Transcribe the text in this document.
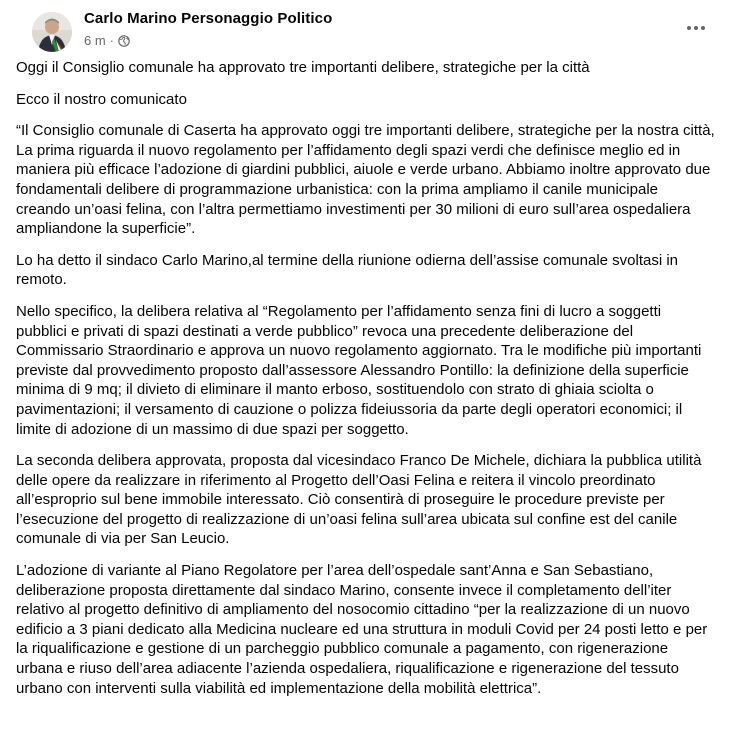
Carlo Marino Personaggio Politico
6 m ·

Oggi il Consiglio comunale ha approvato tre importanti delibere, strategiche per la città

Ecco il nostro comunicato

“Il Consiglio comunale di Caserta ha approvato oggi tre importanti delibere, strategiche per la nostra città, La prima riguarda il nuovo regolamento per l’affidamento degli spazi verdi che definisce meglio ed in maniera più efficace l’adozione di giardini pubblici, aiuole e verde urbano. Abbiamo inoltre approvato due fondamentali delibere di programmazione urbanistica: con la prima ampliamo il canile municipale creando un’oasi felina, con l’altra permettiamo investimenti per 30 milioni di euro sull’area ospedaliera ampliandone la superficie”.

Lo ha detto il sindaco Carlo Marino,al termine della riunione odierna dell’assise comunale svoltasi in remoto.

Nello specifico, la delibera relativa al “Regolamento per l’affidamento senza fini di lucro a soggetti pubblici e privati di spazi destinati a verde pubblico” revoca una precedente deliberazione del Commissario Straordinario e approva un nuovo regolamento aggiornato. Tra le modifiche più importanti previste dal provvedimento proposto dall’assessore Alessandro Pontillo: la definizione della superficie minima di 9 mq; il divieto di eliminare il manto erboso, sostituendolo con strato di ghiaia sciolta o pavimentazioni; il versamento di cauzione o polizza fideiussoria da parte degli operatori economici; il limite di adozione di un massimo di due spazi per soggetto.

La seconda delibera approvata, proposta dal vicesindaco Franco De Michele, dichiara la pubblica utilità delle opere da realizzare in riferimento al Progetto dell’Oasi Felina e reitera il vincolo preordinato all’esproprio sul bene immobile interessato. Ciò consentirà di proseguire le procedure previste per l’esecuzione del progetto di realizzazione di un’oasi felina sull’area ubicata sul confine est del canile comunale di via per San Leucio.

L’adozione di variante al Piano Regolatore per l’area dell’ospedale sant’Anna e San Sebastiano, deliberazione proposta direttamente dal sindaco Marino, consente invece il completamento dell’iter relativo al progetto definitivo di ampliamento del nosocomio cittadino “per la realizzazione di un nuovo edificio a 3 piani dedicato alla Medicina nucleare ed una struttura in moduli Covid per 24 posti letto e per la riqualificazione e gestione di un parcheggio pubblico comunale a pagamento, con rigenerazione urbana e riuso dell’area adiacente l’azienda ospedaliera, riqualificazione e rigenerazione del tessuto urbano con interventi sulla viabilità ed implementazione della mobilità elettrica”.
